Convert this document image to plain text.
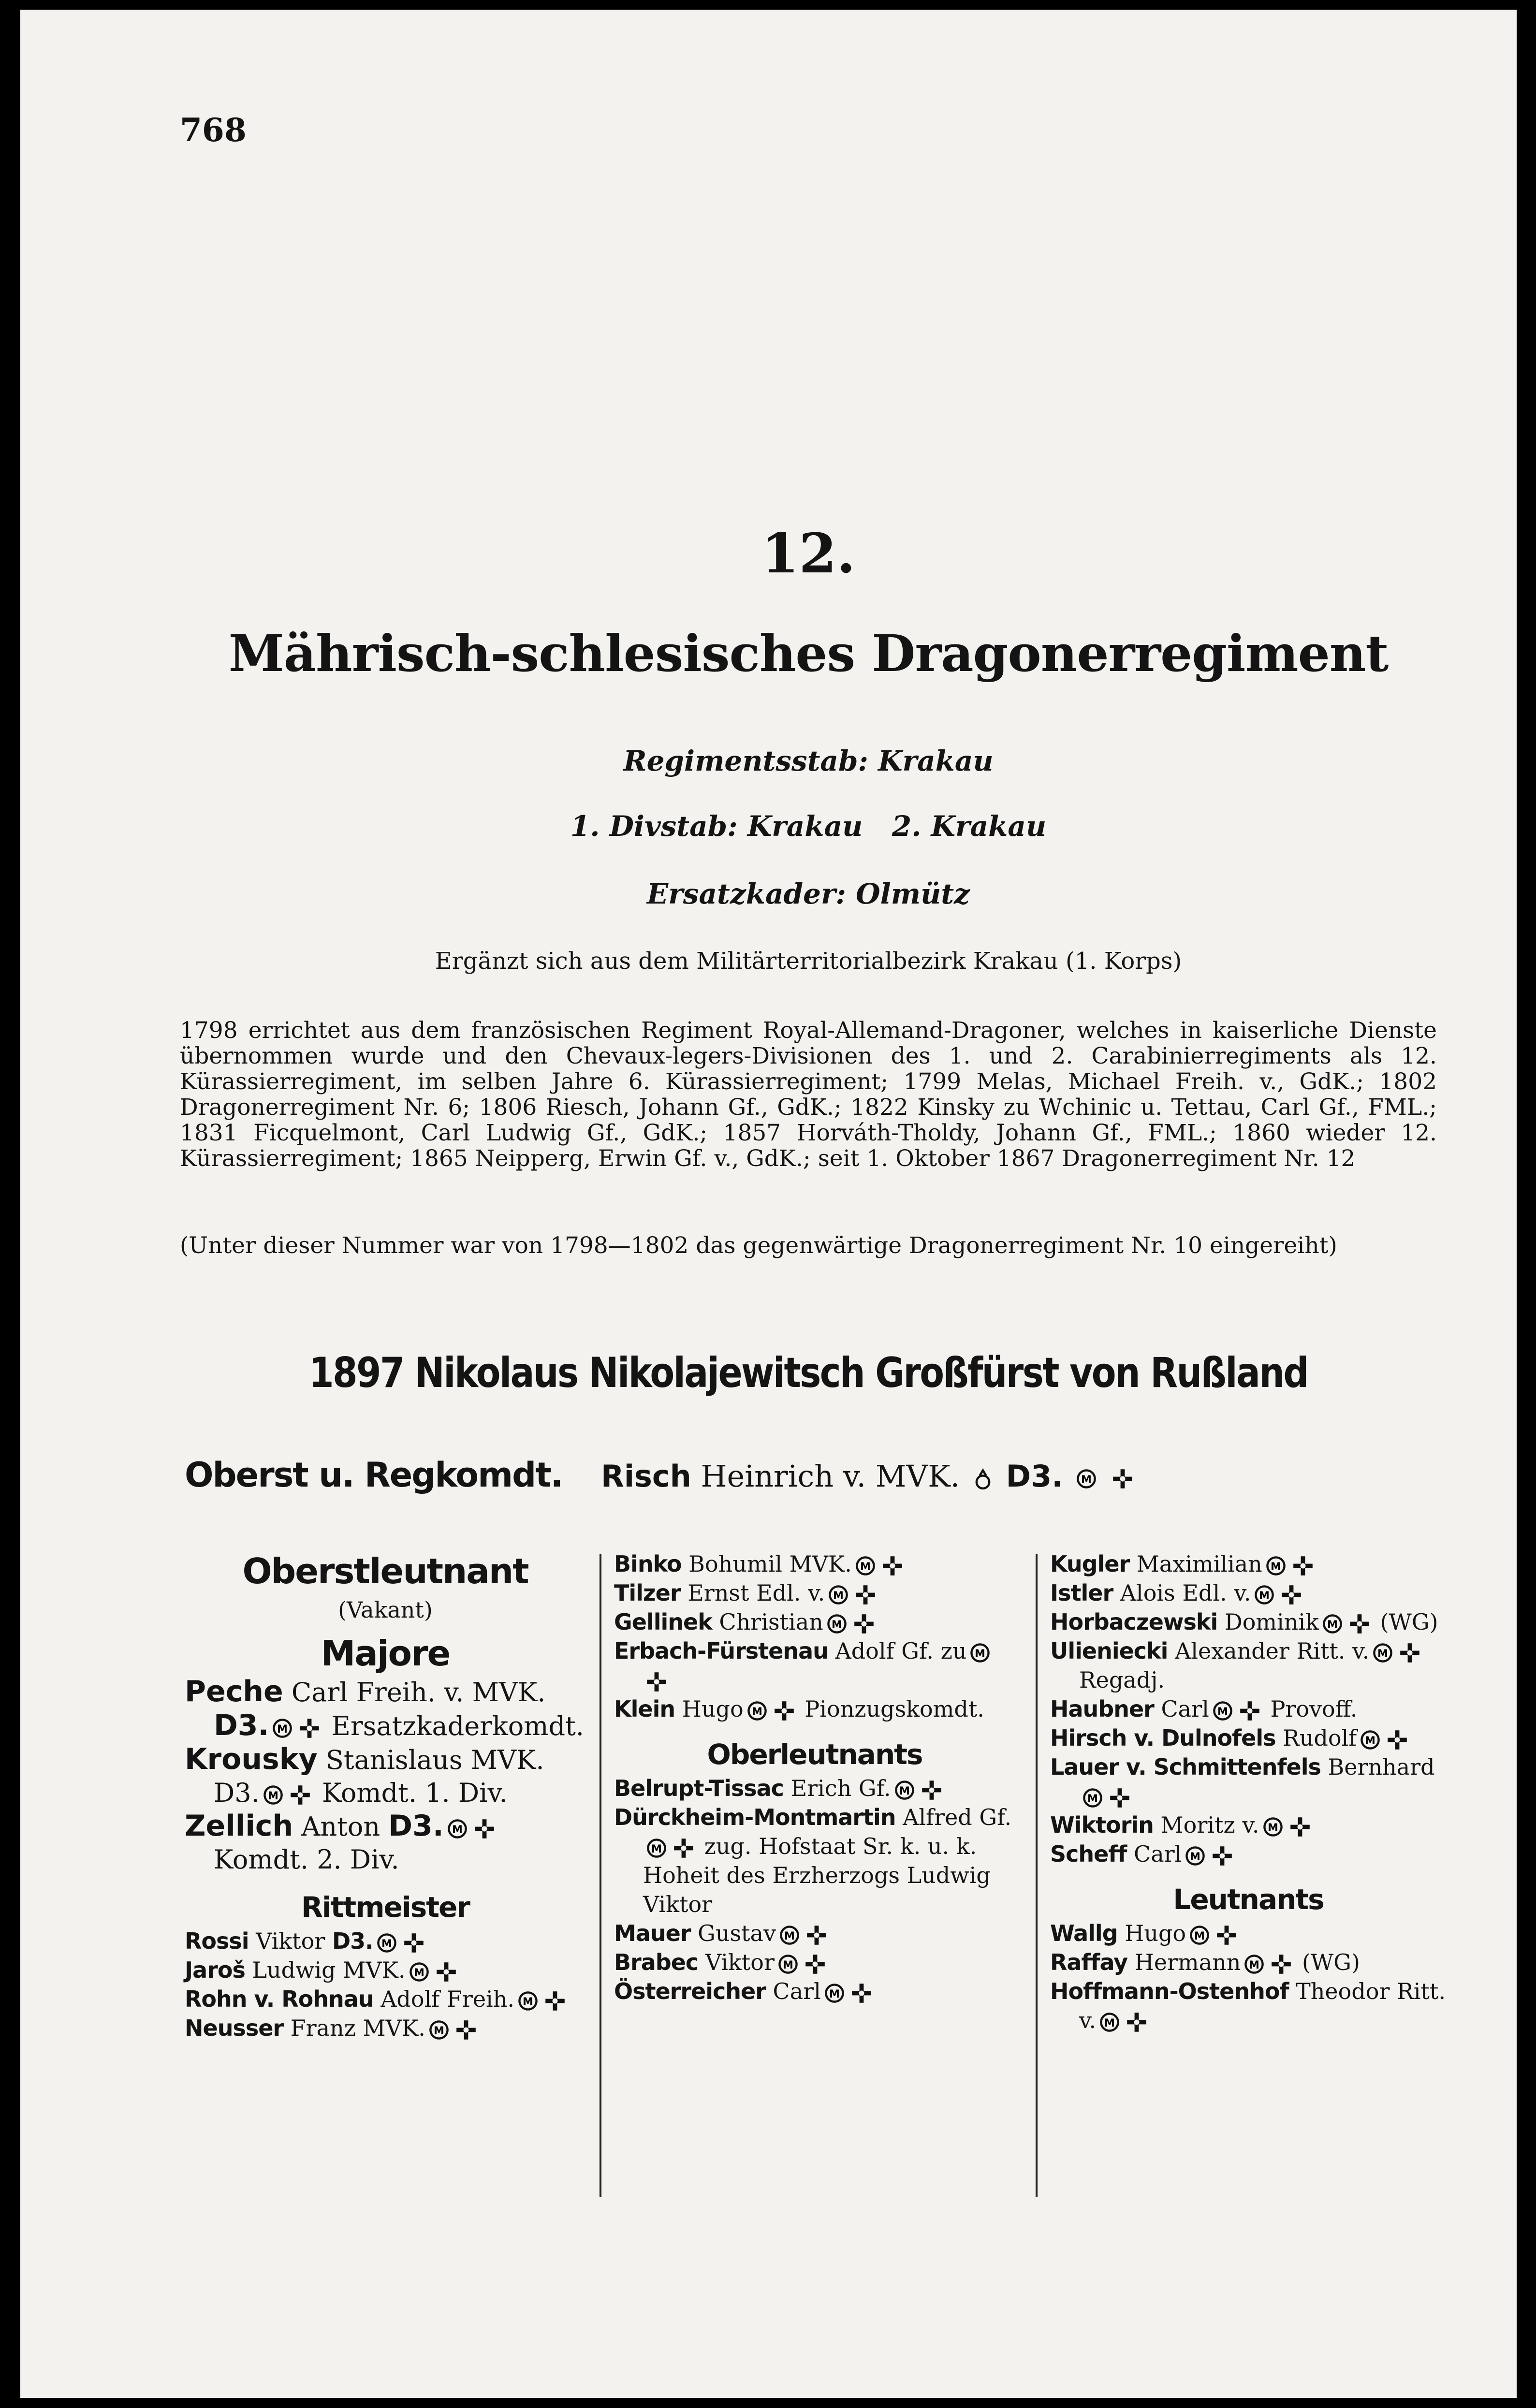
768
12.
Mährisch-schlesisches Dragonerregiment
Regimentsstab: Krakau
1. Divstab: Krakau   2. Krakau
Ersatzkader: Olmütz
Ergänzt sich aus dem Militärterritorialbezirk Krakau (1. Korps)
1798 errichtet aus dem französischen Regiment Royal-Allemand-Dragoner, welches in kaiserliche Dienste übernommen wurde und den Chevaux-legers-Divisionen des 1. und 2. Carabinierregiments als 12. Kürassierregiment, im selben Jahre 6. Kürassierregiment; 1799 Melas, Michael Freih. v., GdK.; 1802 Dragonerregiment Nr. 6; 1806 Riesch, Johann Gf., GdK.; 1822 Kinsky zu Wchinic u. Tettau, Carl Gf., FML.; 1831 Ficquelmont, Carl Ludwig Gf., GdK.; 1857 Horváth-Tholdy, Johann Gf., FML.; 1860 wieder 12. Kürassierregiment; 1865 Neipperg, Erwin Gf. v., GdK.; seit 1. Oktober 1867 Dragonerregiment Nr. 12
(Unter dieser Nummer war von 1798—1802 das gegenwärtige Dragonerregiment Nr. 10 eingereiht)
1897 Nikolaus Nikolajewitsch Großfürst von Rußland
Oberst u. Regkomdt. Risch Heinrich v. MVK. D3.	M

Oberstleutnant
(Vakant)
Majore
Peche Carl Freih. v. MVK. D3. M Ersatzkaderkomdt.
Krousky Stanislaus MVK. D3. M Komdt. 1. Div.
Zellich Anton D3. M
Komdt. 2. Div.
Rittmeister
Rossi Viktor D3. M
Jaroš Ludwig MVK. M
Rohn v. Rohnau Adolf Freih. M
Neusser Franz MVK. M
Binko Bohumil MVK. M
Tilzer Ernst Edl. v. M
Gellinek Christian M
Erbach-Fürstenau Adolf Gf. zu M
Klein Hugo M Pionzugskomdt.
Oberleutnants
Belrupt-Tissac Erich Gf. M
Dürckheim-Montmartin Alfred Gf.
M zug. Hofstaat Sr. k. u. k. Hoheit des Erzherzogs Ludwig Viktor
Mauer Gustav M
Brabec Viktor M
Österreicher Carl M
Kugler Maximilian M
Istler Alois Edl. v. M
Horbaczewski Dominik M (WG)
Ulieniecki Alexander Ritt. v. M
Regadj.
Haubner Carl M Provoff.
Hirsch v. Dulnofels Rudolf M
Lauer v. Schmittenfels Bernhard
M
Wiktorin Moritz v. M
Scheff Carl M
Leutnants
Wallg Hugo M
Raffay Hermann M (WG)
Hoffmann-Ostenhof Theodor Ritt. v. M
